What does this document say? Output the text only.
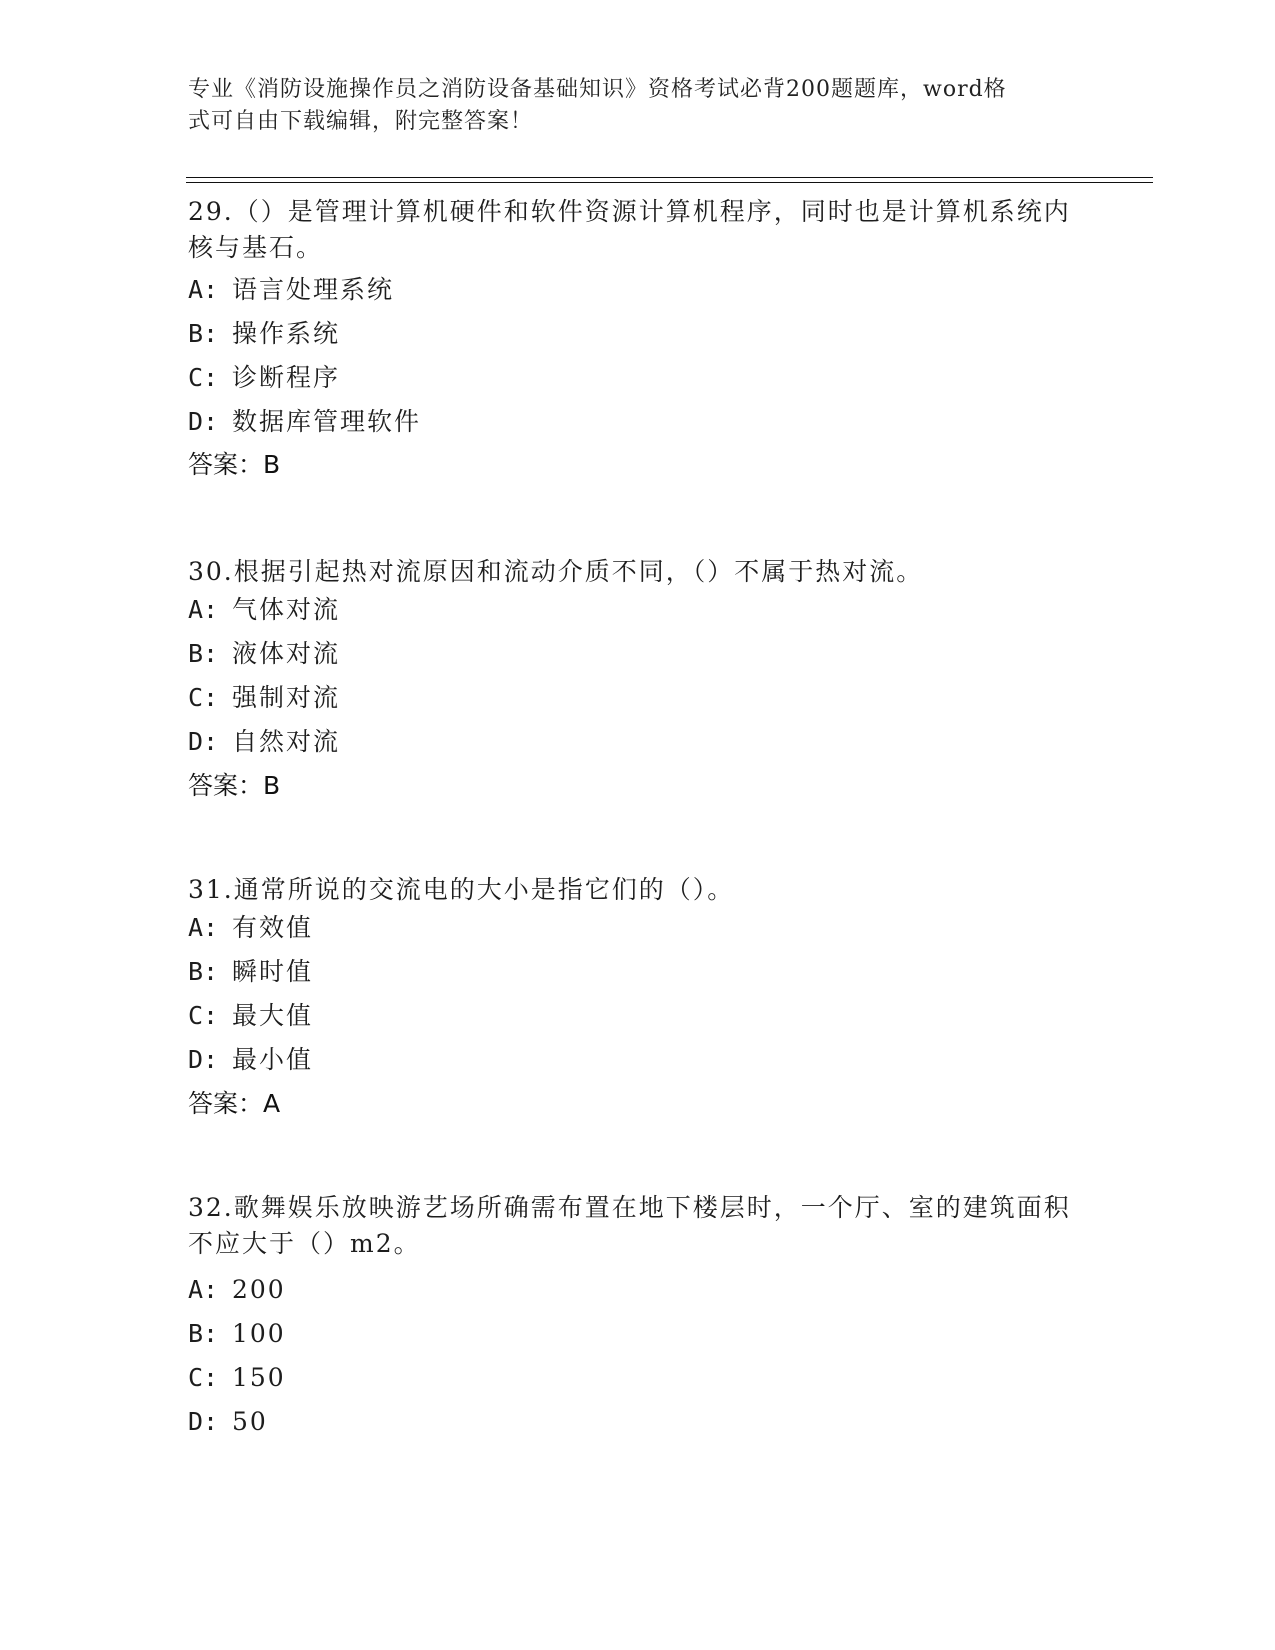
专业《消防设施操作员之消防设备基础知识》资格考试必背200题题库，word格
式可自由下载编辑，附完整答案！
29.（）是管理计算机硬件和软件资源计算机程序，同时也是计算机系统内核与基石。
A: 语言处理系统
B: 操作系统
C: 诊断程序
D: 数据库管理软件
答案：B
30.根据引起热对流原因和流动介质不同，（）不属于热对流。
A: 气体对流
B: 液体对流
C: 强制对流
D: 自然对流
答案：B
31.通常所说的交流电的大小是指它们的（）。
A: 有效值
B: 瞬时值
C: 最大值
D: 最小值
答案：A
32.歌舞娱乐放映游艺场所确需布置在地下楼层时，一个厅、室的建筑面积不应大于（）m2。
A: 200
B: 100
C: 150
D: 50
